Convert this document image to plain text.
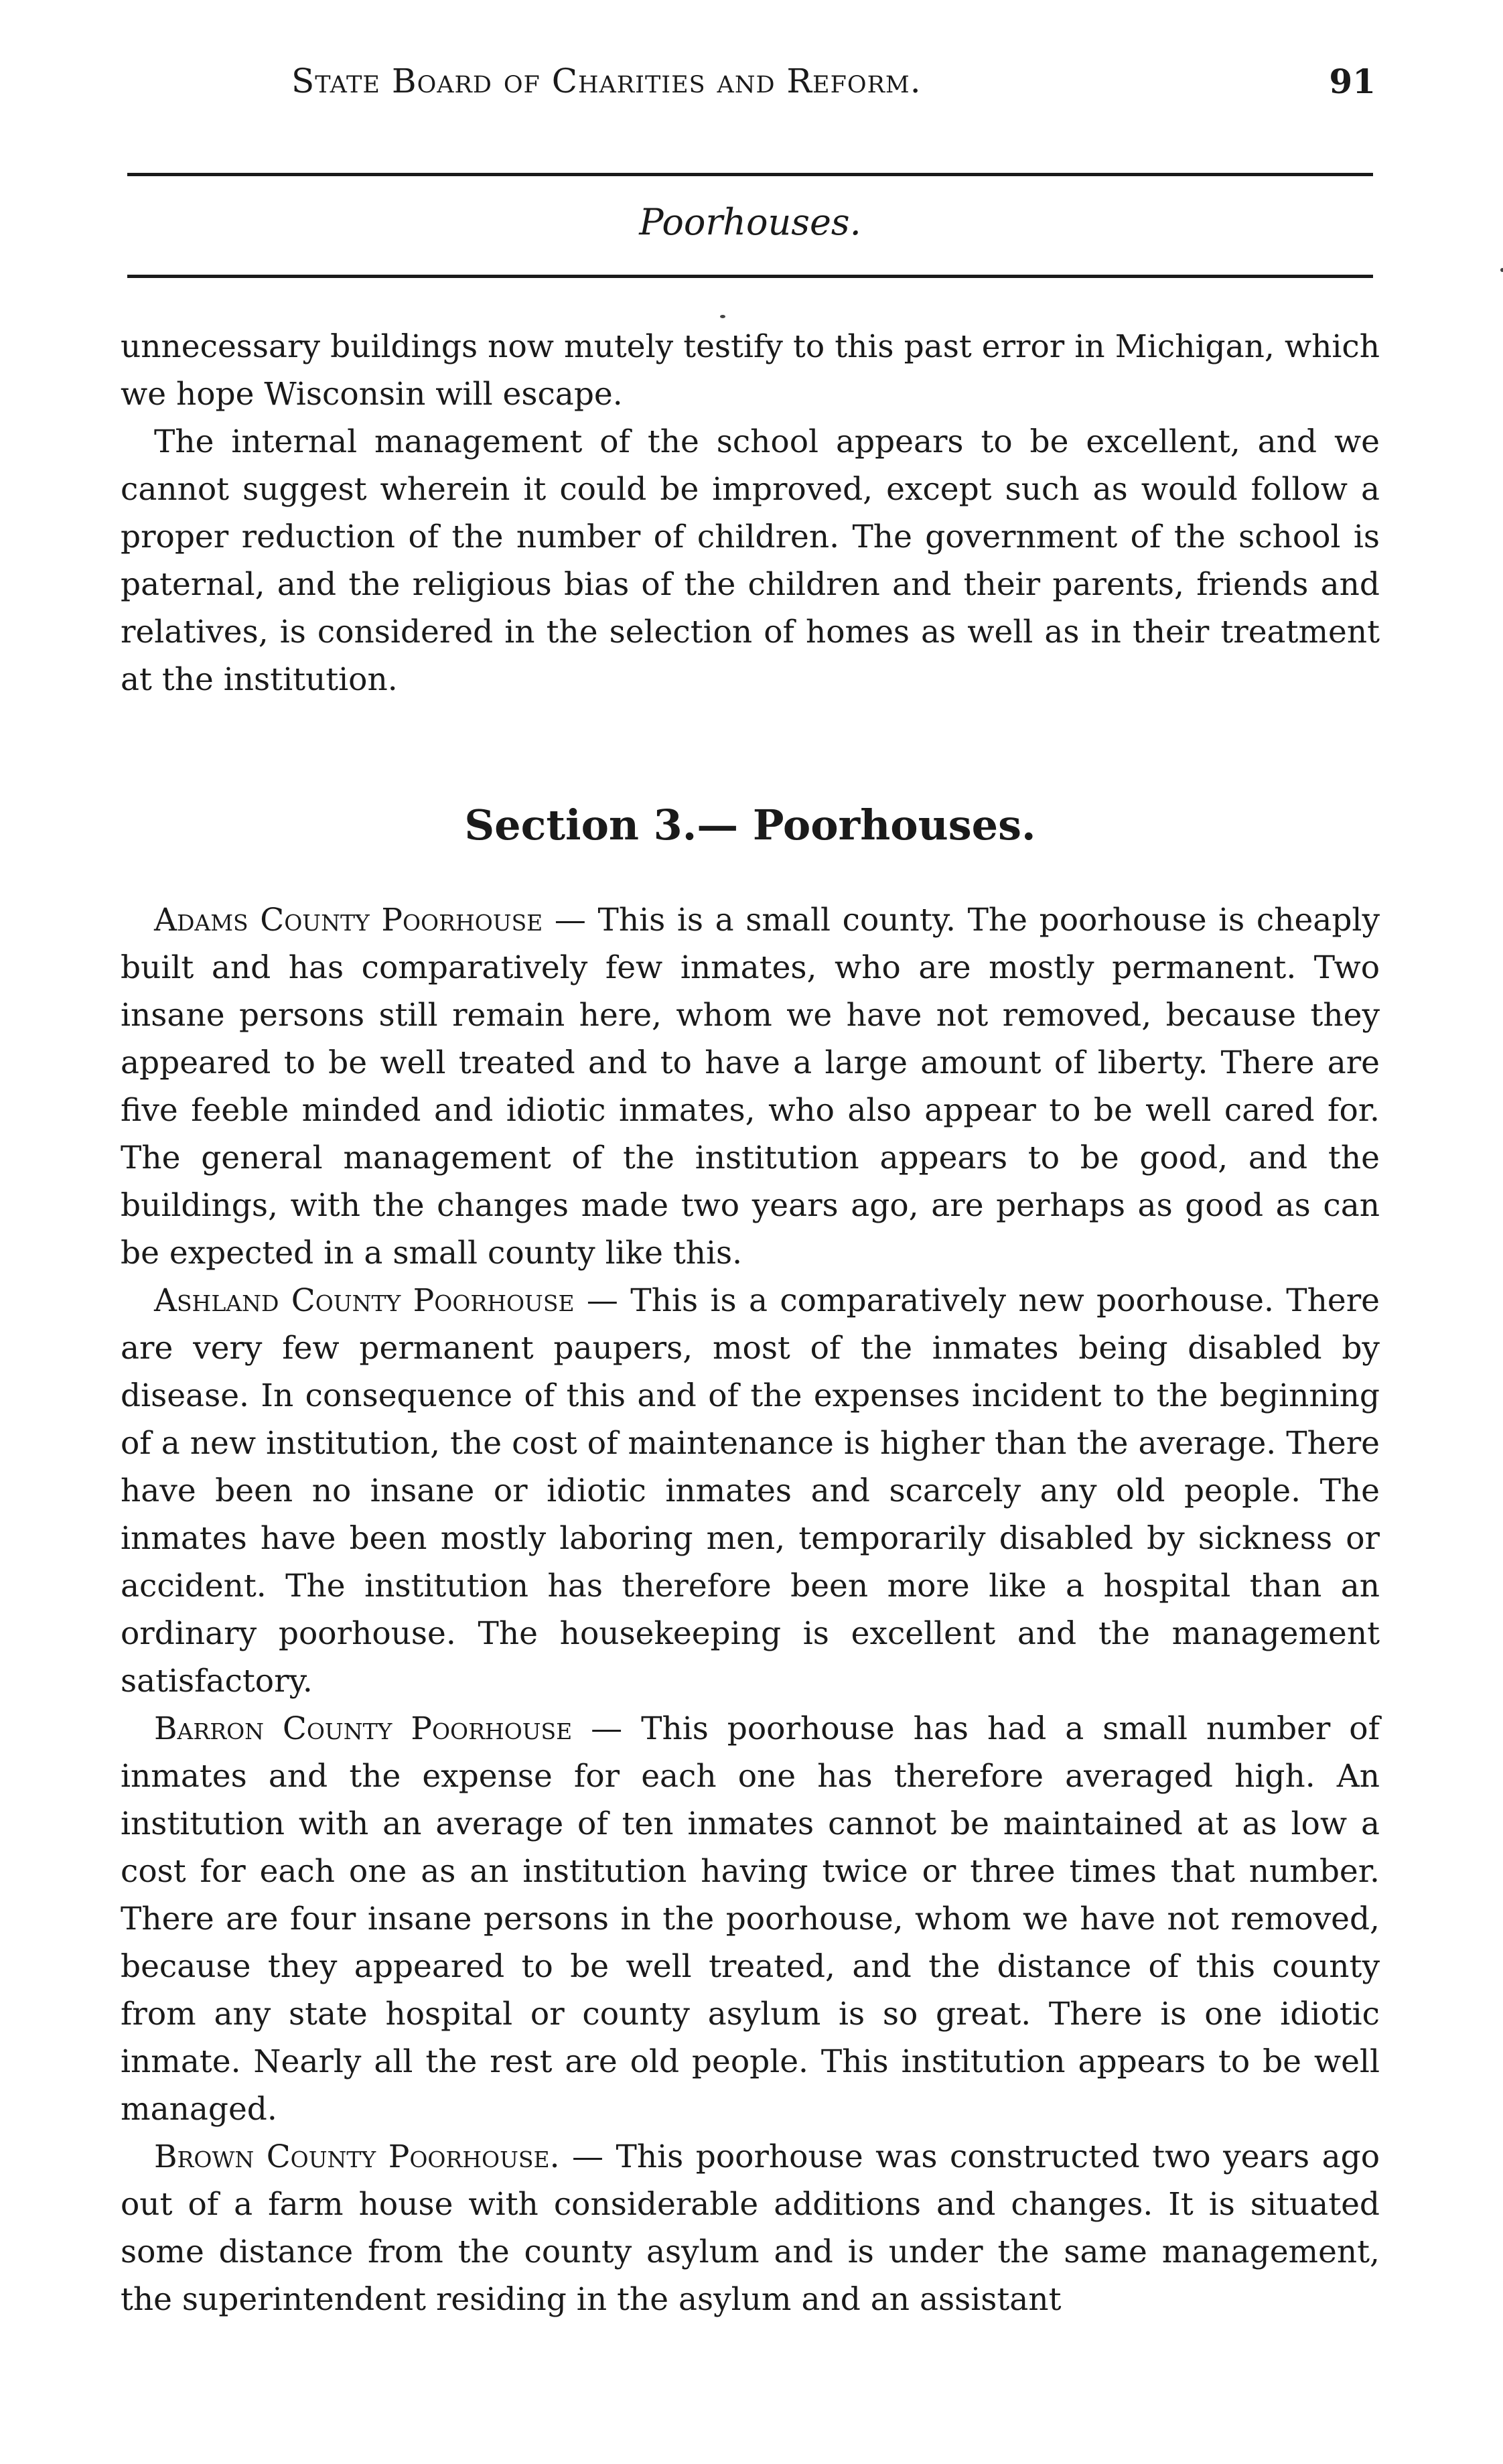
State Board of Charities and Reform.	91
Poorhouses.

unnecessary buildings now mutely testify to this past error in Michigan, which we hope Wisconsin will escape.

The internal management of the school appears to be excellent, and we cannot suggest wherein it could be improved, except such as would follow a proper reduction of the number of children. The government of the school is paternal, and the religious bias of the children and their parents, friends and relatives, is considered in the selection of homes as well as in their treatment at the institution.

Section 3.— Poorhouses.

Adams County Poorhouse — This is a small county. The poorhouse is cheaply built and has comparatively few inmates, who are mostly permanent. Two insane persons still remain here, whom we have not removed, because they appeared to be well treated and to have a large amount of liberty. There are five feeble minded and idiotic inmates, who also appear to be well cared for. The general management of the institution appears to be good, and the buildings, with the changes made two years ago, are perhaps as good as can be expected in a small county like this.

Ashland County Poorhouse — This is a comparatively new poorhouse. There are very few permanent paupers, most of the inmates being disabled by disease. In consequence of this and of the expenses incident to the beginning of a new institution, the cost of maintenance is higher than the average. There have been no insane or idiotic inmates and scarcely any old people. The inmates have been mostly laboring men, temporarily disabled by sickness or accident. The institution has therefore been more like a hospital than an ordinary poorhouse. The housekeeping is excellent and the management satisfactory.

Barron County Poorhouse — This poorhouse has had a small number of inmates and the expense for each one has therefore averaged high. An institution with an average of ten inmates cannot be maintained at as low a cost for each one as an institution having twice or three times that number. There are four insane persons in the poorhouse, whom we have not removed, because they appeared to be well treated, and the distance of this county from any state hospital or county asylum is so great. There is one idiotic inmate. Nearly all the rest are old people. This institution appears to be well managed.

Brown County Poorhouse. — This poorhouse was constructed two years ago out of a farm house with considerable additions and changes. It is situated some distance from the county asylum and is under the same management, the superintendent residing in the asylum and an assistant
